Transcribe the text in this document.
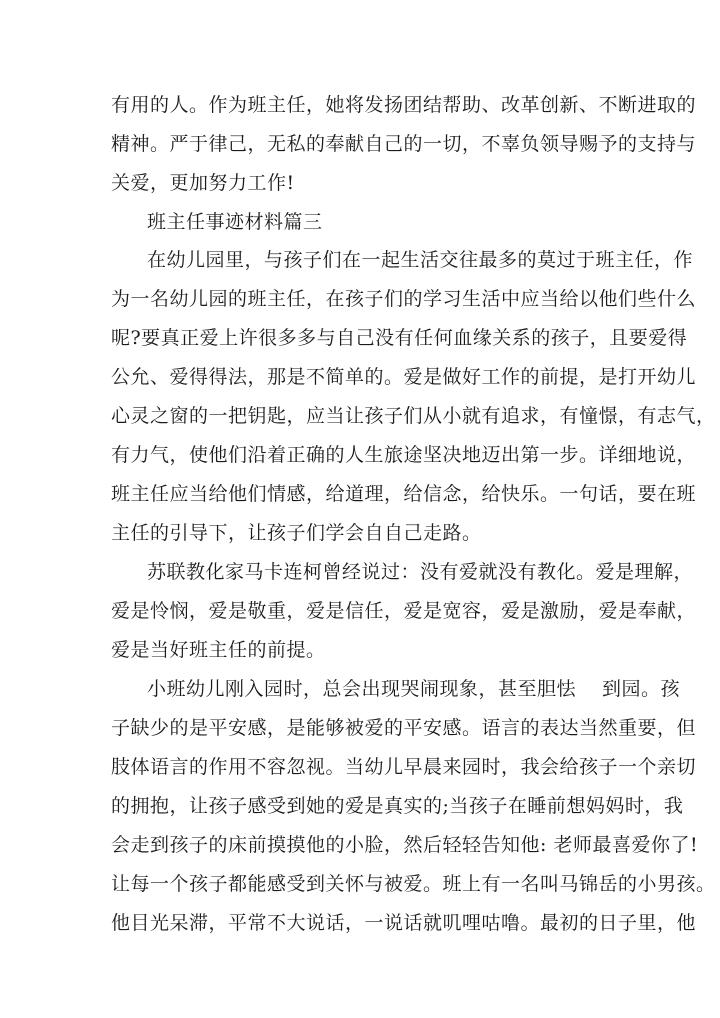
有用的人。作为班主任，她将发扬团结帮助、改革创新、不断进取的
精神。严于律己，无私的奉献自己的一切，不辜负领导赐予的支持与
关爱，更加努力工作!
班主任事迹材料篇三
在幼儿园里，与孩子们在一起生活交往最多的莫过于班主任，作
为一名幼儿园的班主任，在孩子们的学习生活中应当给以他们些什么
呢?要真正爱上许很多多与自己没有任何血缘关系的孩子，且要爱得
公允、爱得得法，那是不简单的。爱是做好工作的前提，是打开幼儿
心灵之窗的一把钥匙，应当让孩子们从小就有追求，有憧憬，有志气，
有力气，使他们沿着正确的人生旅途坚决地迈出第一步。详细地说，
班主任应当给他们情感，给道理，给信念，给快乐。一句话，要在班
主任的引导下，让孩子们学会自自己走路。
苏联教化家马卡连柯曾经说过：没有爱就没有教化。爱是理解，
爱是怜悯，爱是敬重，爱是信任，爱是宽容，爱是激励，爱是奉献，
爱是当好班主任的前提。
小班幼儿刚入园时，总会出现哭闹现象，甚至胆怯　 到园。孩
子缺少的是平安感，是能够被爱的平安感。语言的表达当然重要，但
肢体语言的作用不容忽视。当幼儿早晨来园时，我会给孩子一个亲切
的拥抱，让孩子感受到她的爱是真实的;当孩子在睡前想妈妈时，我
会走到孩子的床前摸摸他的小脸，然后轻轻告知他: 老师最喜爱你了!
让每一个孩子都能感受到关怀与被爱。班上有一名叫马锦岳的小男孩。
他目光呆滞，平常不大说话，一说话就叽哩咕噜。最初的日子里，他
